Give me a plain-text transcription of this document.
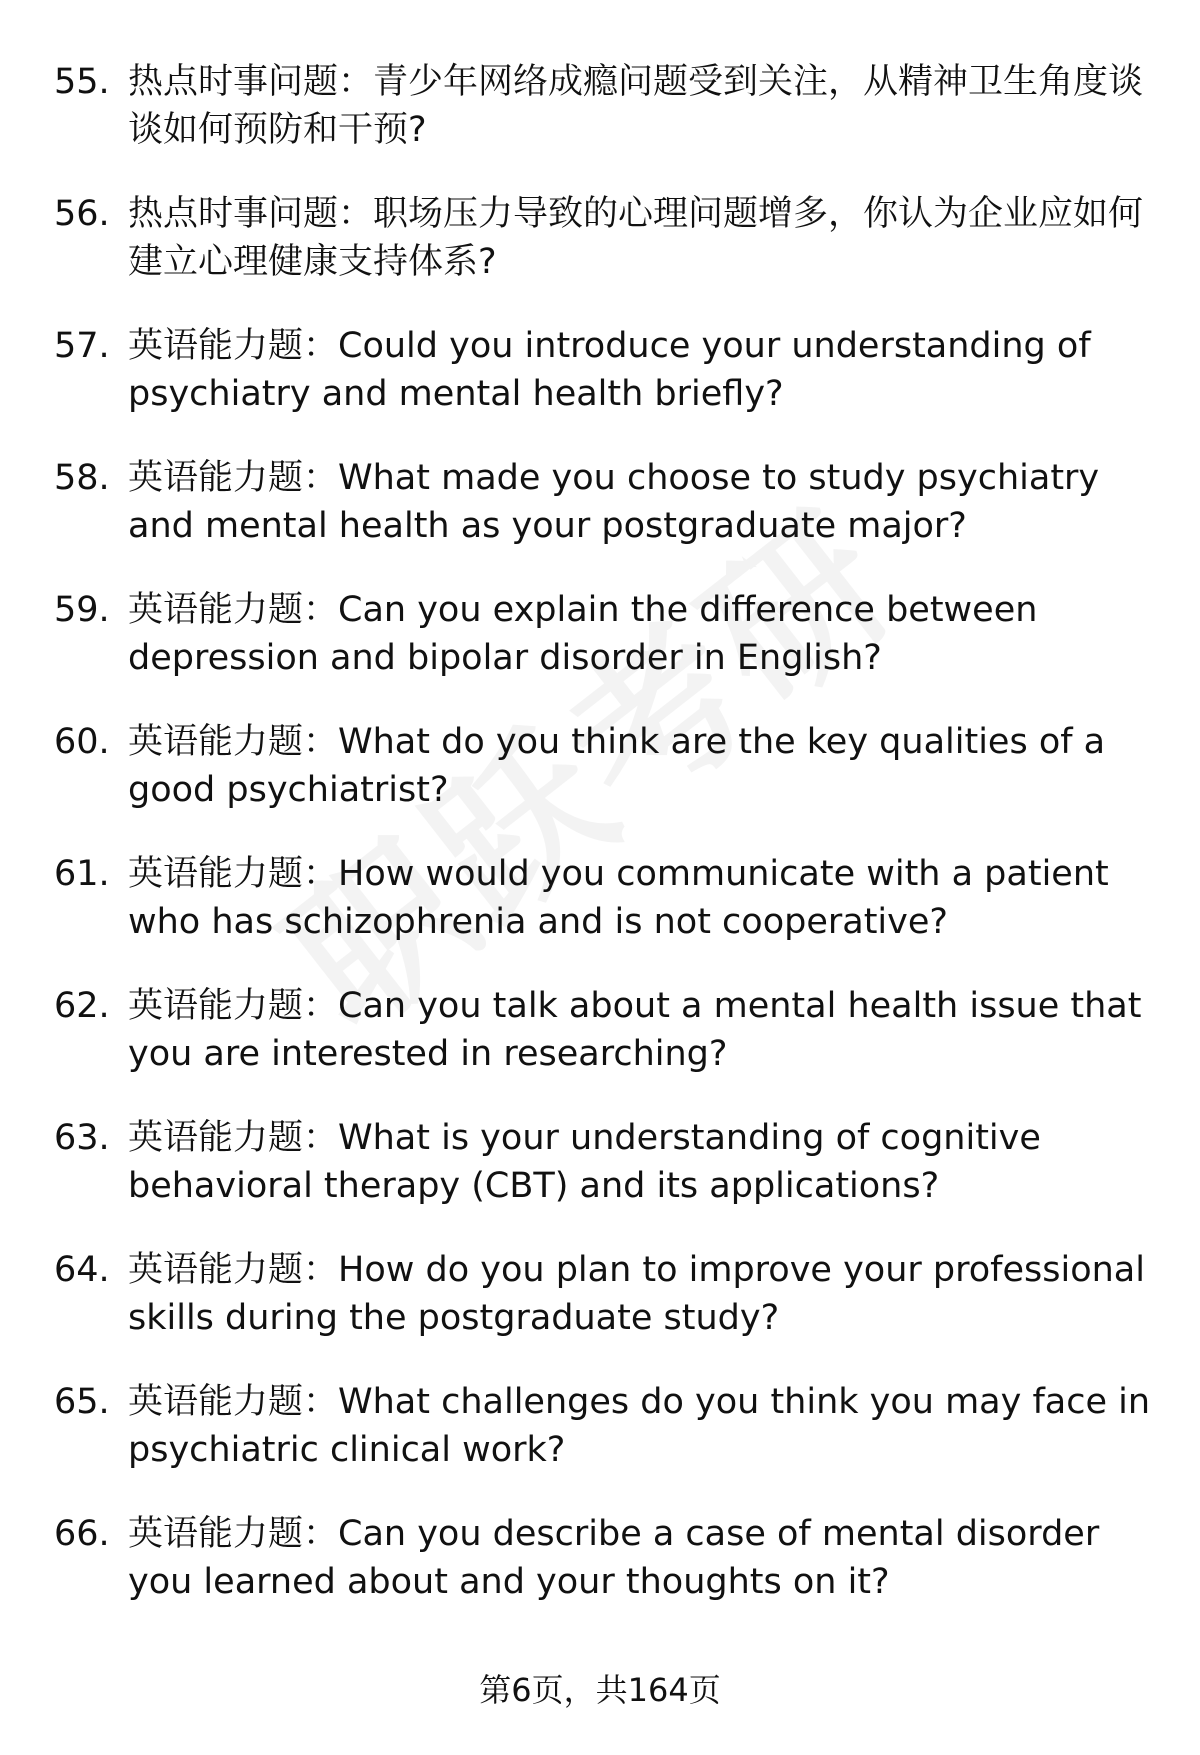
55. 热点时事问题：青少年网络成瘾问题受到关注，从精神卫生角度谈谈如何预防和干预?
56. 热点时事问题：职场压力导致的心理问题增多，你认为企业应如何建立心理健康支持体系?
57. 英语能力题：Could you introduce your understanding of psychiatry and mental health briefly?
58. 英语能力题：What made you choose to study psychiatry and mental health as your postgraduate major?
59. 英语能力题：Can you explain the difference between depression and bipolar disorder in English?
60. 英语能力题：What do you think are the key qualities of a good psychiatrist?
61. 英语能力题：How would you communicate with a patient who has schizophrenia and is not cooperative?
62. 英语能力题：Can you talk about a mental health issue that you are interested in researching?
63. 英语能力题：What is your understanding of cognitive behavioral therapy (CBT) and its applications?
64. 英语能力题：How do you plan to improve your professional skills during the postgraduate study?
65. 英语能力题：What challenges do you think you may face in psychiatric clinical work?
66. 英语能力题：Can you describe a case of mental disorder you learned about and your thoughts on it?
第6页，共164页
